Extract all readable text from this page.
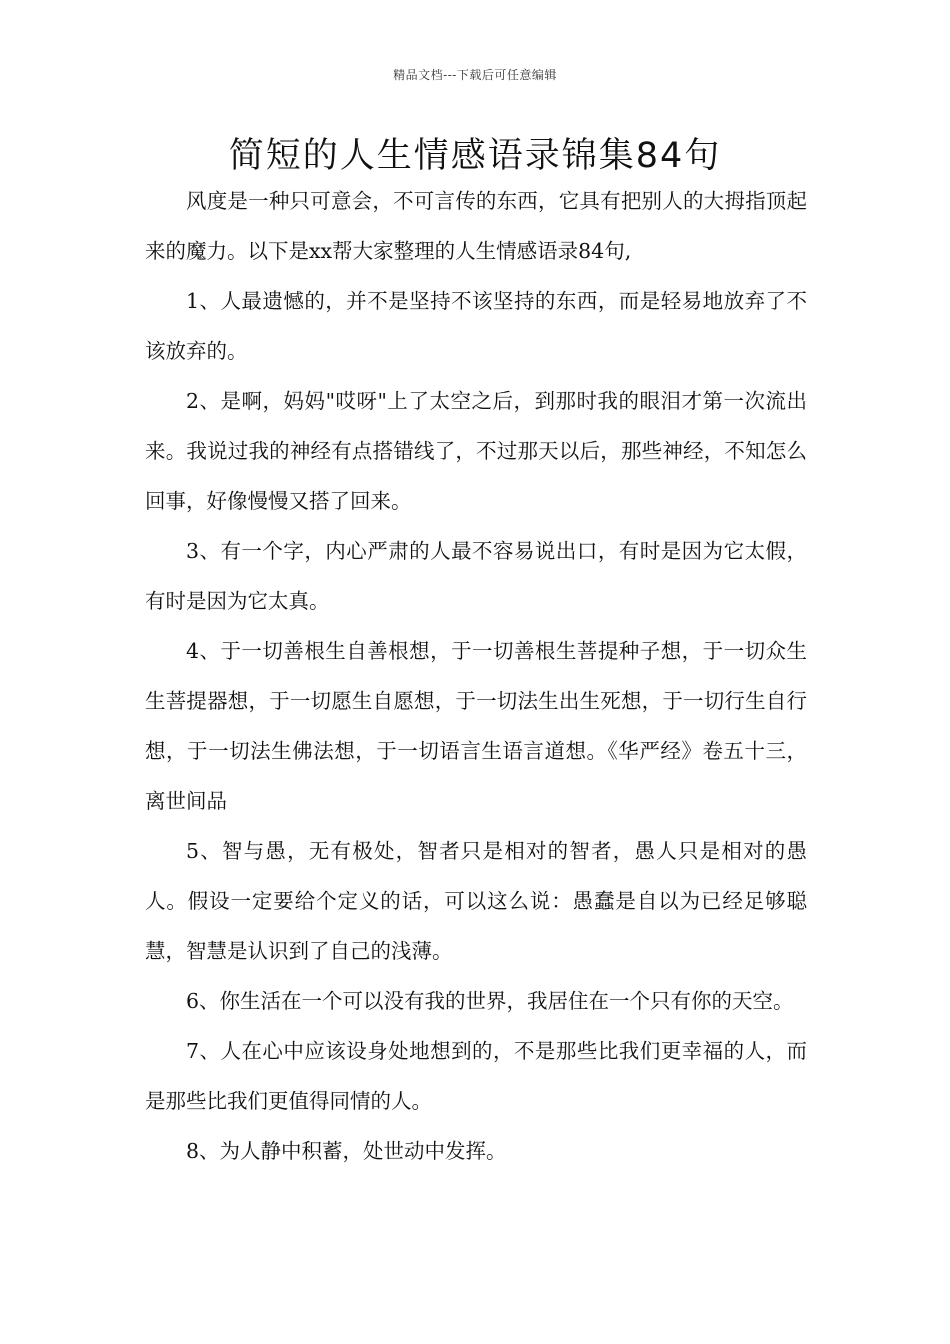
精品文档---下载后可任意编辑
简短的人生情感语录锦集84句

风度是一种只可意会，不可言传的东西，它具有把别人的大拇指顶起来的魔力。以下是xx帮大家整理的人生情感语录84句,

1、人最遗憾的，并不是坚持不该坚持的东西，而是轻易地放弃了不该放弃的。

2、是啊，妈妈"哎呀"上了太空之后，到那时我的眼泪才第一次流出来。我说过我的神经有点搭错线了，不过那天以后，那些神经，不知怎么回事，好像慢慢又搭了回来。

3、有一个字，内心严肃的人最不容易说出口，有时是因为它太假，有时是因为它太真。

4、于一切善根生自善根想，于一切善根生菩提种子想，于一切众生生菩提器想，于一切愿生自愿想，于一切法生出生死想，于一切行生自行想，于一切法生佛法想，于一切语言生语言道想。《华严经》卷五十三，离世间品

5、智与愚，无有极处，智者只是相对的智者，愚人只是相对的愚人。假设一定要给个定义的话，可以这么说：愚蠢是自以为已经足够聪慧，智慧是认识到了自己的浅薄。

6、你生活在一个可以没有我的世界，我居住在一个只有你的天空。

7、人在心中应该设身处地想到的，不是那些比我们更幸福的人，而是那些比我们更值得同情的人。

8、为人静中积蓄，处世动中发挥。
